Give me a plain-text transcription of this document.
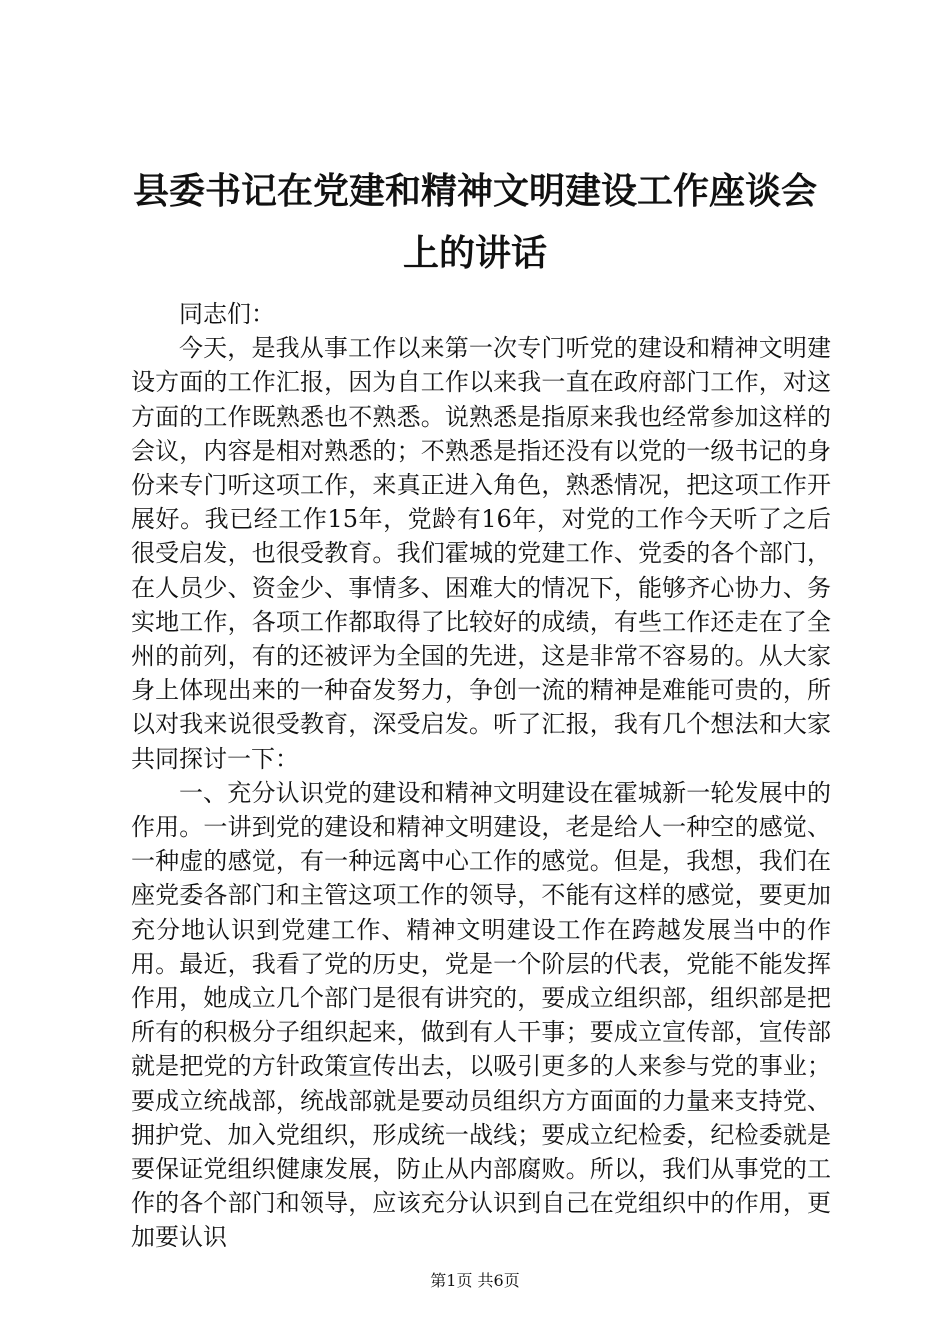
县委书记在党建和精神文明建设工作座谈会上的讲话

同志们：

今天，是我从事工作以来第一次专门听党的建设和精神文明建设方面的工作汇报，因为自工作以来我一直在政府部门工作，对这方面的工作既熟悉也不熟悉。说熟悉是指原来我也经常参加这样的会议，内容是相对熟悉的；不熟悉是指还没有以党的一级书记的身份来专门听这项工作，来真正进入角色，熟悉情况，把这项工作开展好。我已经工作15年，党龄有16年，对党的工作今天听了之后很受启发，也很受教育。我们霍城的党建工作、党委的各个部门，在人员少、资金少、事情多、困难大的情况下，能够齐心协力、务实地工作，各项工作都取得了比较好的成绩，有些工作还走在了全州的前列，有的还被评为全国的先进，这是非常不容易的。从大家身上体现出来的一种奋发努力，争创一流的精神是难能可贵的，所以对我来说很受教育，深受启发。听了汇报，我有几个想法和大家共同探讨一下：

一、充分认识党的建设和精神文明建设在霍城新一轮发展中的作用。一讲到党的建设和精神文明建设，老是给人一种空的感觉、一种虚的感觉，有一种远离中心工作的感觉。但是，我想，我们在座党委各部门和主管这项工作的领导，不能有这样的感觉，要更加充分地认识到党建工作、精神文明建设工作在跨越发展当中的作用。最近，我看了党的历史，党是一个阶层的代表，党能不能发挥作用，她成立几个部门是很有讲究的，要成立组织部，组织部是把所有的积极分子组织起来，做到有人干事；要成立宣传部，宣传部就是把党的方针政策宣传出去，以吸引更多的人来参与党的事业；要成立统战部，统战部就是要动员组织方方面面的力量来支持党、拥护党、加入党组织，形成统一战线；要成立纪检委，纪检委就是要保证党组织健康发展，防止从内部腐败。所以，我们从事党的工作的各个部门和领导，应该充分认识到自己在党组织中的作用，更加要认识

第1页 共6页
